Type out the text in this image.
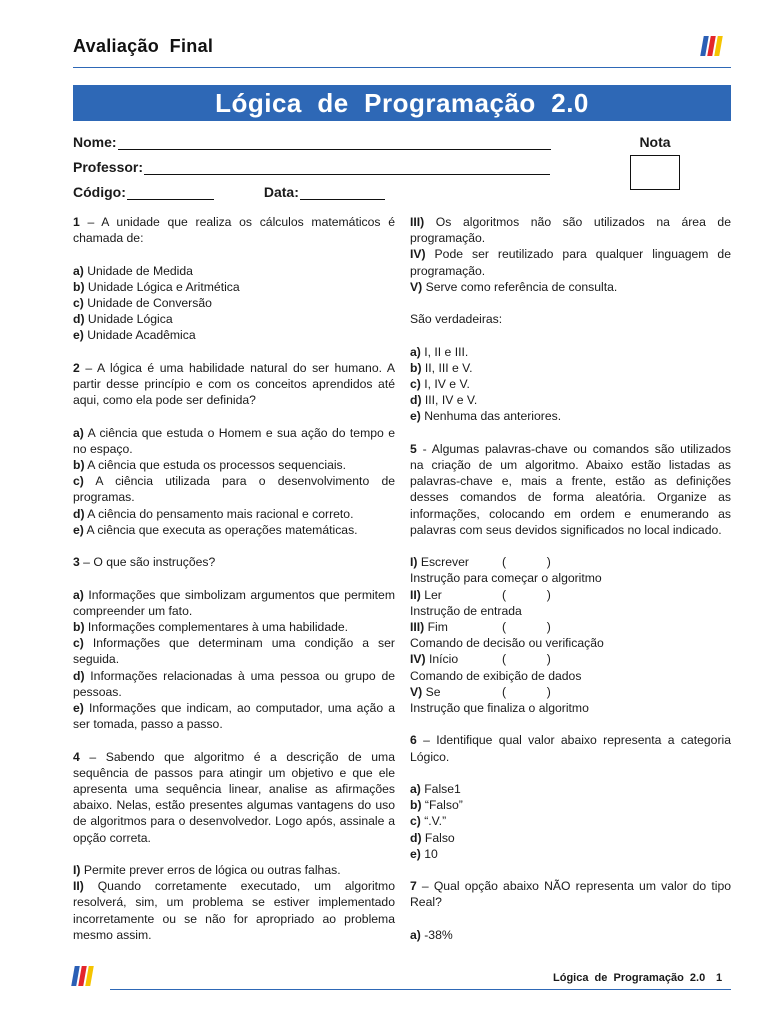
Avaliação  Final
Lógica  de  Programação  2.0
Nome:
Professor:
Código:	Data:
Nota

1 – A unidade que realiza os cálculos matemáticos é chamada de:

a) Unidade de Medida

b) Unidade Lógica e Aritmética

c) Unidade de Conversão

d) Unidade Lógica

e) Unidade Acadêmica

2 – A lógica é uma habilidade natural do ser humano. A partir desse princípio e com os conceitos aprendidos até aqui, como ela pode ser definida?

a) A ciência que estuda o Homem e sua ação do tempo e no espaço.

b) A ciência que estuda os processos sequenciais.

c) A ciência utilizada para o desenvolvimento de programas.

d) A ciência do pensamento mais racional e correto.

e) A ciência que executa as operações matemáticas.

3 – O que são instruções?

a) Informações que simbolizam argumentos que permitem compreender um fato.

b) Informações complementares à uma habilidade.

c) Informações que determinam uma condição a ser seguida.

d) Informações relacionadas à uma pessoa ou grupo de pessoas.

e) Informações que indicam, ao computador, uma ação a ser tomada, passo a passo.

4 – Sabendo que algoritmo é a descrição de uma sequência de passos para atingir um objetivo e que ele apresenta uma sequência linear, analise as afirmações abaixo. Nelas, estão presentes algumas vantagens do uso de algoritmos para o desenvolvedor. Logo após, assinale a opção correta.

I) Permite prever erros de lógica ou outras falhas.

II) Quando corretamente executado, um algoritmo resolverá, sim, um problema se estiver implementado incorretamente ou se não for apropriado ao problema mesmo assim.

III) Os algoritmos não são utilizados na área de programação.

IV) Pode ser reutilizado para qualquer linguagem de programação.

V) Serve como referência de consulta.

São verdadeiras:

a) I, II e III.

b) II, III e V.

c) I, IV e V.

d) III, IV e V.

e) Nenhuma das anteriores.

5 - Algumas palavras-chave ou comandos são utilizados na criação de um algoritmo. Abaixo estão listadas as palavras-chave e, mais a frente, estão as definições desses comandos de forma aleatória. Organize as informações, colocando em ordem e enumerando as palavras com seus devidos significados no local indicado.

I) Escrever	(            )

Instrução para começar o algoritmo

II) Ler	(            )

Instrução de entrada

III) Fim	(            )

Comando de decisão ou verificação

IV) Início	(            )

Comando de exibição de dados

V) Se	(            )

Instrução que finaliza o algoritmo

6 – Identifique qual valor abaixo representa a categoria Lógico.

a) False1

b) “Falso”

c) “.V.”

d) Falso

e) 10

7 – Qual opção abaixo NÃO representa um valor do tipo Real?

a) -38%

Lógica  de  Programação  2.0 1
